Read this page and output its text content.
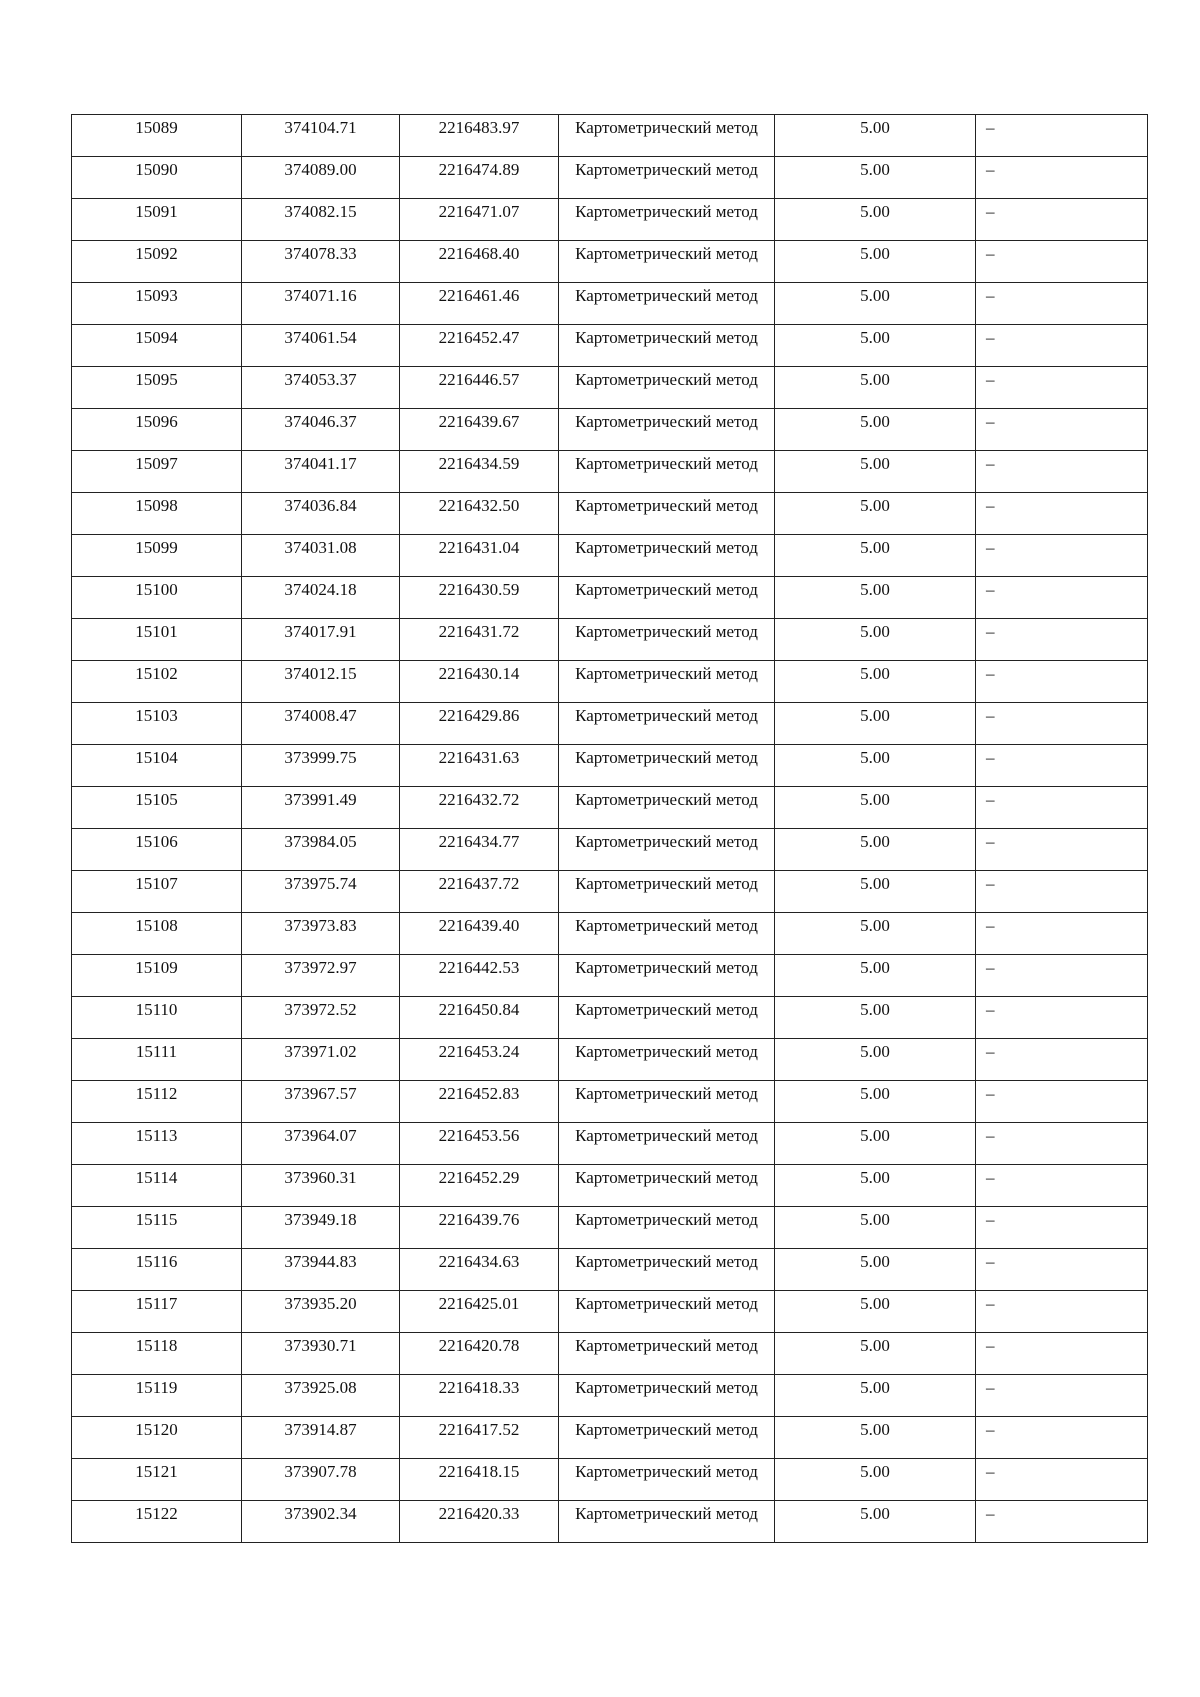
15089	374104.71	2216483.97	Картометрический метод	5.00	–

15090	374089.00	2216474.89	Картометрический метод	5.00	–

15091	374082.15	2216471.07	Картометрический метод	5.00	–

15092	374078.33	2216468.40	Картометрический метод	5.00	–

15093	374071.16	2216461.46	Картометрический метод	5.00	–

15094	374061.54	2216452.47	Картометрический метод	5.00	–

15095	374053.37	2216446.57	Картометрический метод	5.00	–

15096	374046.37	2216439.67	Картометрический метод	5.00	–

15097	374041.17	2216434.59	Картометрический метод	5.00	–

15098	374036.84	2216432.50	Картометрический метод	5.00	–

15099	374031.08	2216431.04	Картометрический метод	5.00	–

15100	374024.18	2216430.59	Картометрический метод	5.00	–

15101	374017.91	2216431.72	Картометрический метод	5.00	–

15102	374012.15	2216430.14	Картометрический метод	5.00	–

15103	374008.47	2216429.86	Картометрический метод	5.00	–

15104	373999.75	2216431.63	Картометрический метод	5.00	–

15105	373991.49	2216432.72	Картометрический метод	5.00	–

15106	373984.05	2216434.77	Картометрический метод	5.00	–

15107	373975.74	2216437.72	Картометрический метод	5.00	–

15108	373973.83	2216439.40	Картометрический метод	5.00	–

15109	373972.97	2216442.53	Картометрический метод	5.00	–

15110	373972.52	2216450.84	Картометрический метод	5.00	–

15111	373971.02	2216453.24	Картометрический метод	5.00	–

15112	373967.57	2216452.83	Картометрический метод	5.00	–

15113	373964.07	2216453.56	Картометрический метод	5.00	–

15114	373960.31	2216452.29	Картометрический метод	5.00	–

15115	373949.18	2216439.76	Картометрический метод	5.00	–

15116	373944.83	2216434.63	Картометрический метод	5.00	–

15117	373935.20	2216425.01	Картометрический метод	5.00	–

15118	373930.71	2216420.78	Картометрический метод	5.00	–

15119	373925.08	2216418.33	Картометрический метод	5.00	–

15120	373914.87	2216417.52	Картометрический метод	5.00	–

15121	373907.78	2216418.15	Картометрический метод	5.00	–

15122	373902.34	2216420.33	Картометрический метод	5.00	–
